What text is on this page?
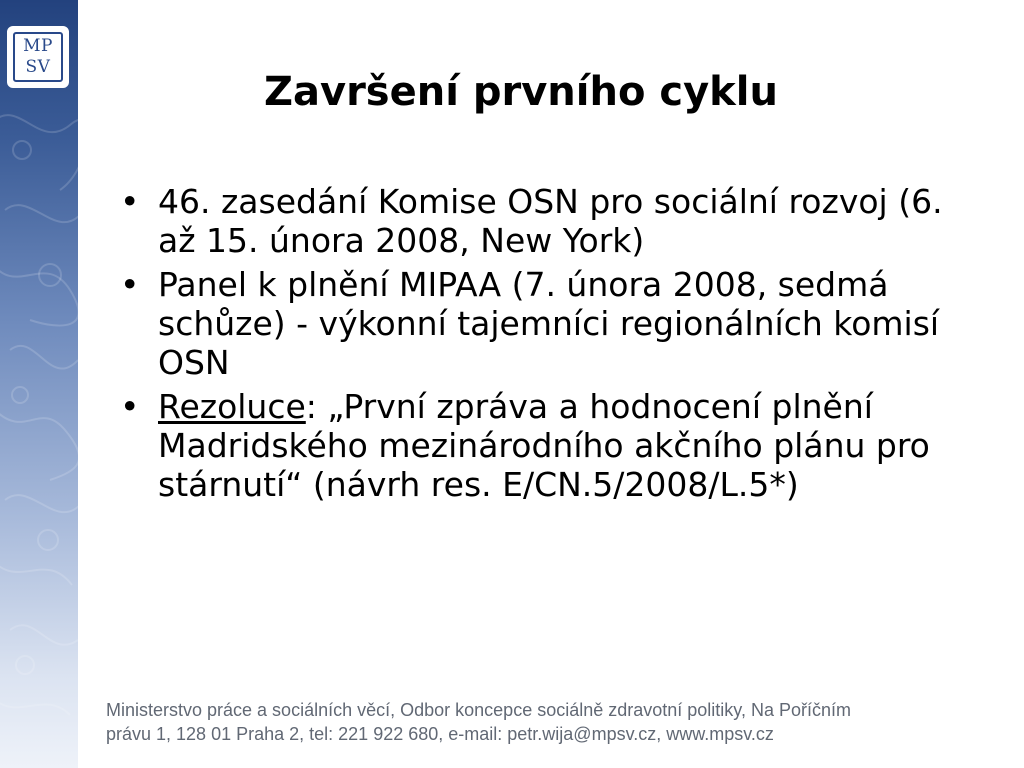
MP
SV
Završení prvního cyklu
• 46. zasedání Komise OSN pro sociální rozvoj (6. až 15. února 2008, New York)
• Panel k plnění MIPAA (7. února 2008, sedmá schůze) - výkonní tajemníci regionálních komisí OSN
• Rezoluce: „První zpráva a hodnocení plnění Madridského mezinárodního akčního plánu pro stárnutí“ (návrh res. E/CN.5/2008/L.5*)
Ministerstvo práce a sociálních věcí, Odbor koncepce sociálně zdravotní politiky, Na Poříčním
právu 1, 128 01 Praha 2, tel: 221 922 680, e-mail: petr.wija@mpsv.cz, www.mpsv.cz
